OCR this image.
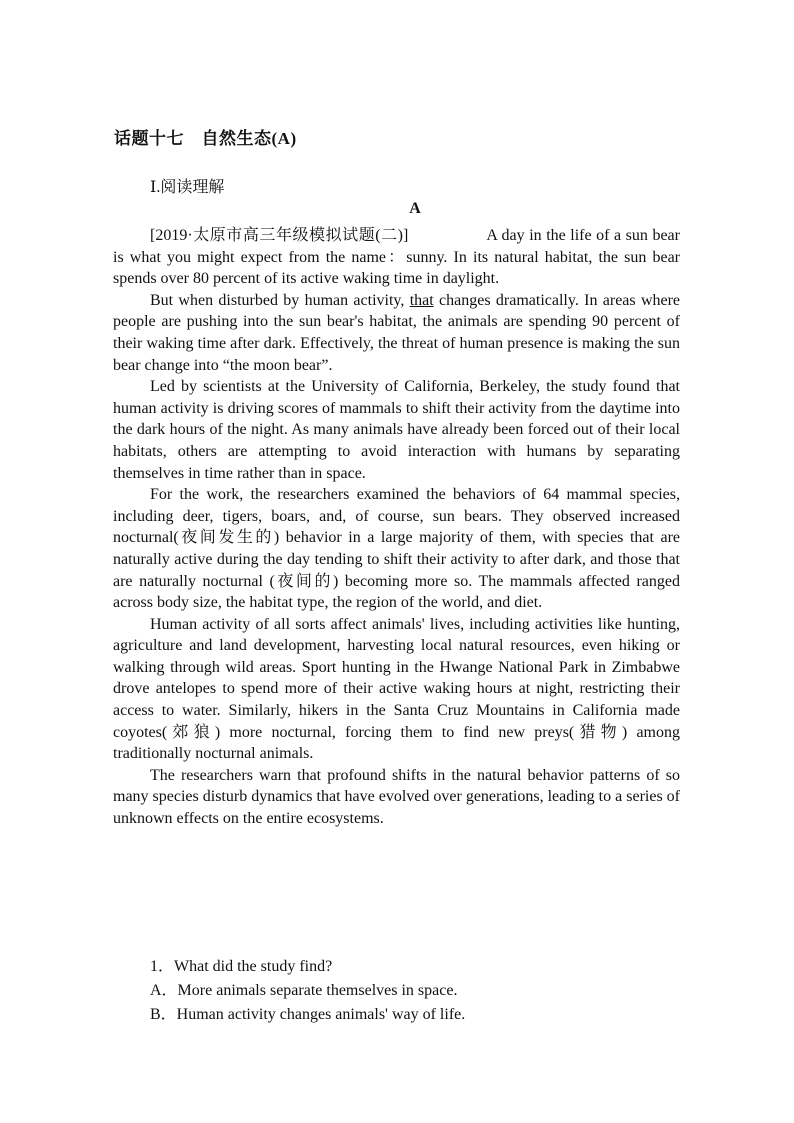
话题十七　自然生态(A)
Ⅰ.阅读理解
A

[2019·太原市高三年级模拟试题(二)]	A day in the life of a sun bear is what you might expect from the name：sunny. In its natural habitat, the sun bear spends over 80 percent of its active waking time in daylight.

But when disturbed by human activity, that changes dramatically. In areas where people are pushing into the sun bear's habitat, the animals are spending 90 percent of their waking time after dark. Effectively, the threat of human presence is making the sun bear change into “the moon bear”.

Led by scientists at the University of California, Berkeley, the study found that human activity is driving scores of mammals to shift their activity from the daytime into the dark hours of the night. As many animals have already been forced out of their local habitats, others are attempting to avoid interaction with humans by separating themselves in time rather than in space.

For the work, the researchers examined the behaviors of 64 mammal species, including deer, tigers, boars, and, of course, sun bears. They observed increased nocturnal(夜间发生的) behavior in a large majority of them, with species that are naturally active during the day tending to shift their activity to after dark, and those that are naturally nocturnal (夜间的) becoming more so. The mammals affected ranged across body size, the habitat type, the region of the world, and diet.

Human activity of all sorts affect animals' lives, including activities like hunting, agriculture and land development, harvesting local natural resources, even hiking or walking through wild areas. Sport hunting in the Hwange National Park in Zimbabwe drove antelopes to spend more of their active waking hours at night, restricting their access to water. Similarly, hikers in the Santa Cruz Mountains in California made coyotes(郊狼) more nocturnal, forcing them to find new preys(猎物) among traditionally nocturnal animals.

The researchers warn that profound shifts in the natural behavior patterns of so many species disturb dynamics that have evolved over generations, leading to a series of unknown effects on the entire ecosystems.

1．What did the study find?
A．More animals separate themselves in space.
B．Human activity changes animals' way of life.
